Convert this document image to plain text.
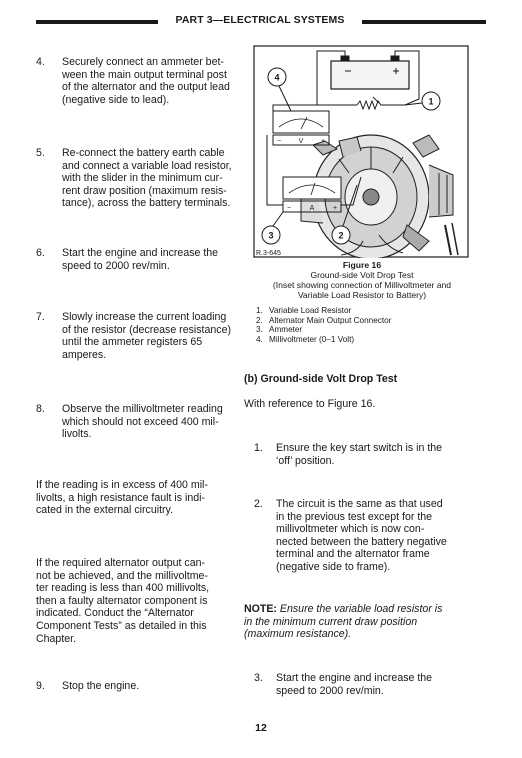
PART 3—ELECTRICAL SYSTEMS
4. Securely connect an ammeter bet-
ween the main output terminal post
of the alternator and the output lead
(negative side to lead).
5. Re-connect the battery earth cable
and connect a variable load resistor,
with the slider in the minimum cur-
rent draw position (maximum resis-
tance), across the battery terminals.
6. Start the engine and increase the
speed to 2000 rev/min.
7. Slowly increase the current loading
of the resistor (decrease resistance)
until the ammeter registers 65
amperes.
8. Observe the millivoltmeter reading
which should not exceed 400 mil-
livolts.
If the reading is in excess of 400 mil-
livolts, a high resistance fault is indi-
cated in the external circuitry.
If the required alternator output can-
not be achieved, and the millivoltme-
ter reading is less than 400 millivolts,
then a faulty alternator component is
indicated. Conduct the “Alternator
Component Tests” as detailed in this
Chapter.
9. Stop the engine.
V
−	+
A
−	+
4
1
3	2
R.3-645
Figure 16
Ground-side Volt Drop Test
(Inset showing connection of Millivoltmeter and
Variable Load Resistor to Battery)
1. Variable Load Resistor
2. Alternator Main Output Connector
3. Ammeter
4. Millivoltmeter (0–1 Volt)
(b) Ground-side Volt Drop Test
With reference to Figure 16.
1. Ensure the key start switch is in the
‘off’ position.
2. The circuit is the same as that used
in the previous test except for the
millivoltmeter which is now con-
nected between the battery negative
terminal and the alternator frame
(negative side to frame).
NOTE: Ensure the variable load resistor is
in the minimum current draw position
(maximum resistance).
3. Start the engine and increase the
speed to 2000 rev/min.
12
